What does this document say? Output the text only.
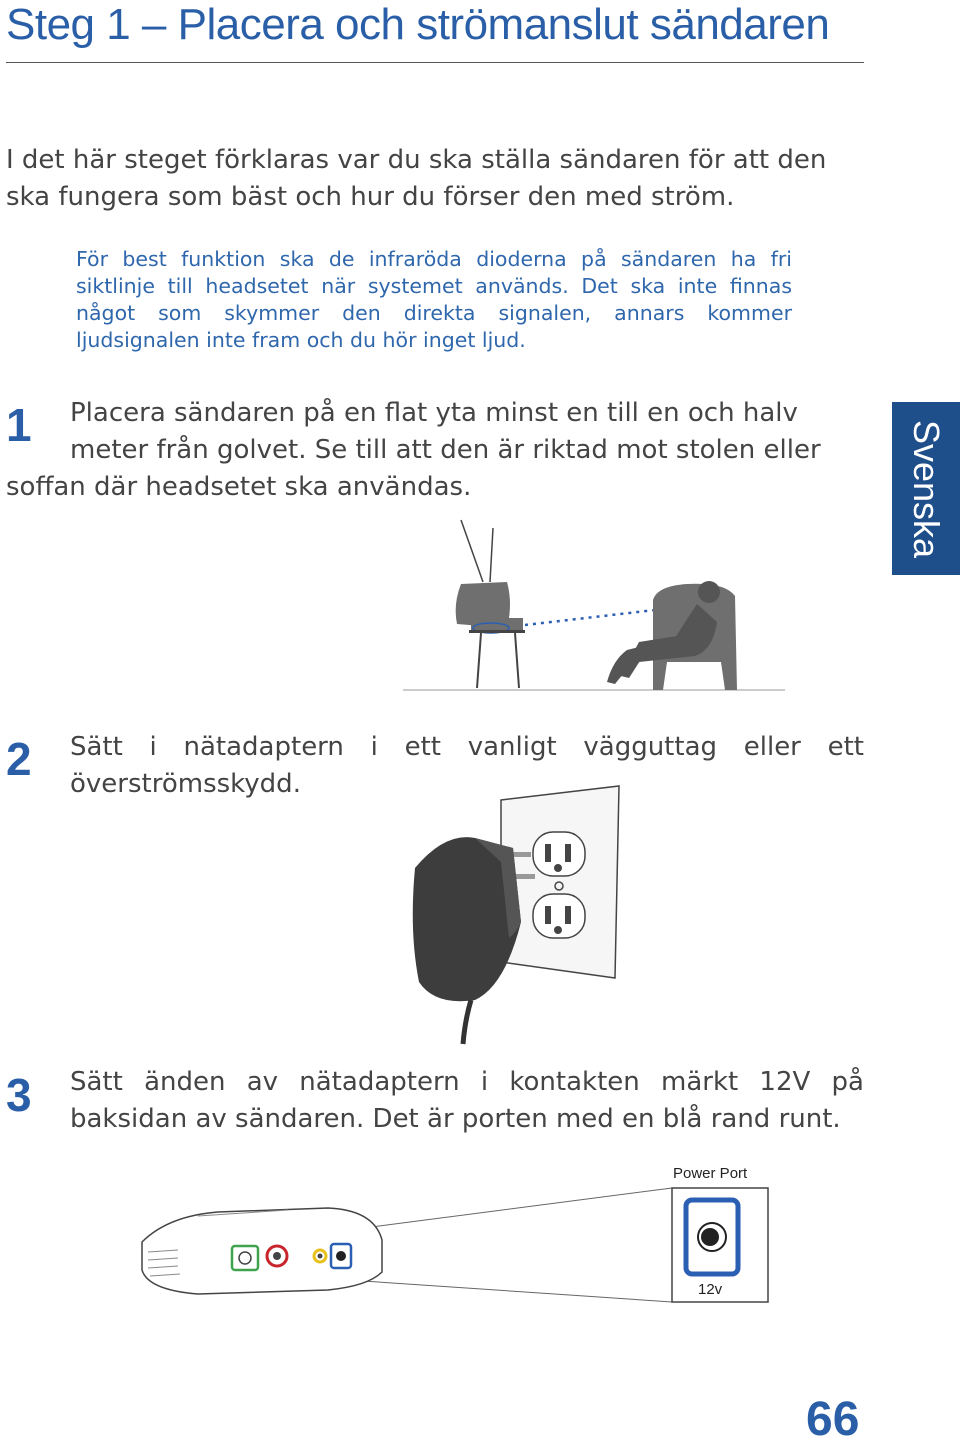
Steg 1 – Placera och strömanslut sändaren
I det här steget förklaras var du ska ställa sändaren för att den ska fungera som bäst och hur du förser den med ström.
För best funktion ska de infraröda dioderna på sändaren ha fri siktlinje till headsetet när systemet används. Det ska inte finnas något som skymmer den direkta signalen, annars kommer ljudsignalen inte fram och du hör inget ljud.
1 Placera sändaren på en flat yta minst en till en och halv
meter från golvet. Se till att den är riktad mot stolen eller
soffan där headsetet ska användas.	Svenska
2 Sätt i nätadaptern i ett vanligt vägguttag eller ett
överströmsskydd.
3 Sätt änden av nätadaptern i kontakten märkt 12V på
baksidan av sändaren. Det är porten med en blå rand runt.
Power Port
12v
66
